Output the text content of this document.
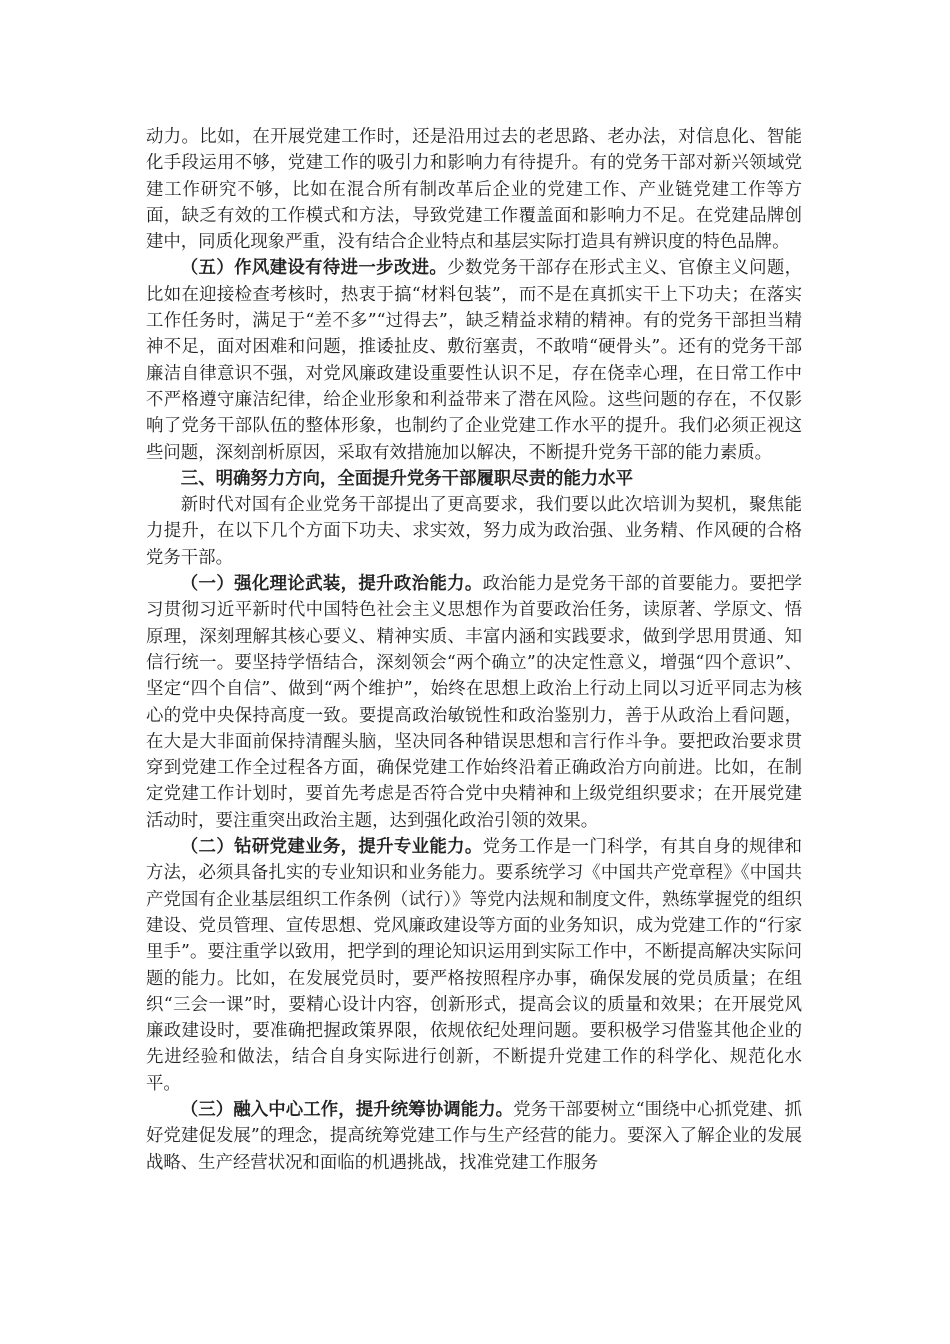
动力。比如，在开展党建工作时，还是沿用过去的老思路、老办法，对信息化、智能化手段运用不够，党建工作的吸引力和影响力有待提升。有的党务干部对新兴领域党建工作研究不够，比如在混合所有制改革后企业的党建工作、产业链党建工作等方面，缺乏有效的工作模式和方法，导致党建工作覆盖面和影响力不足。在党建品牌创建中，同质化现象严重，没有结合企业特点和基层实际打造具有辨识度的特色品牌。

（五）作风建设有待进一步改进。少数党务干部存在形式主义、官僚主义问题，比如在迎接检查考核时，热衷于搞“材料包装”，而不是在真抓实干上下功夫；在落实工作任务时，满足于“差不多”“过得去”，缺乏精益求精的精神。有的党务干部担当精神不足，面对困难和问题，推诿扯皮、敷衍塞责，不敢啃“硬骨头”。还有的党务干部廉洁自律意识不强，对党风廉政建设重要性认识不足，存在侥幸心理，在日常工作中不严格遵守廉洁纪律，给企业形象和利益带来了潜在风险。这些问题的存在，不仅影响了党务干部队伍的整体形象，也制约了企业党建工作水平的提升。我们必须正视这些问题，深刻剖析原因，采取有效措施加以解决，不断提升党务干部的能力素质。

三、明确努力方向，全面提升党务干部履职尽责的能力水平

新时代对国有企业党务干部提出了更高要求，我们要以此次培训为契机，聚焦能力提升，在以下几个方面下功夫、求实效，努力成为政治强、业务精、作风硬的合格党务干部。

（一）强化理论武装，提升政治能力。政治能力是党务干部的首要能力。要把学习贯彻习近平新时代中国特色社会主义思想作为首要政治任务，读原著、学原文、悟原理，深刻理解其核心要义、精神实质、丰富内涵和实践要求，做到学思用贯通、知信行统一。要坚持学悟结合，深刻领会“两个确立”的决定性意义，增强“四个意识”、坚定“四个自信”、做到“两个维护”，始终在思想上政治上行动上同以习近平同志为核心的党中央保持高度一致。要提高政治敏锐性和政治鉴别力，善于从政治上看问题，在大是大非面前保持清醒头脑，坚决同各种错误思想和言行作斗争。要把政治要求贯穿到党建工作全过程各方面，确保党建工作始终沿着正确政治方向前进。比如，在制定党建工作计划时，要首先考虑是否符合党中央精神和上级党组织要求；在开展党建活动时，要注重突出政治主题，达到强化政治引领的效果。

（二）钻研党建业务，提升专业能力。党务工作是一门科学，有其自身的规律和方法，必须具备扎实的专业知识和业务能力。要系统学习《中国共产党章程》《中国共产党国有企业基层组织工作条例（试行）》等党内法规和制度文件，熟练掌握党的组织建设、党员管理、宣传思想、党风廉政建设等方面的业务知识，成为党建工作的“行家里手”。要注重学以致用，把学到的理论知识运用到实际工作中，不断提高解决实际问题的能力。比如，在发展党员时，要严格按照程序办事，确保发展的党员质量；在组织“三会一课”时，要精心设计内容，创新形式，提高会议的质量和效果；在开展党风廉政建设时，要准确把握政策界限，依规依纪处理问题。要积极学习借鉴其他企业的先进经验和做法，结合自身实际进行创新，不断提升党建工作的科学化、规范化水平。

（三）融入中心工作，提升统筹协调能力。党务干部要树立“围绕中心抓党建、抓好党建促发展”的理念，提高统筹党建工作与生产经营的能力。要深入了解企业的发展战略、生产经营状况和面临的机遇挑战，找准党建工作服务
